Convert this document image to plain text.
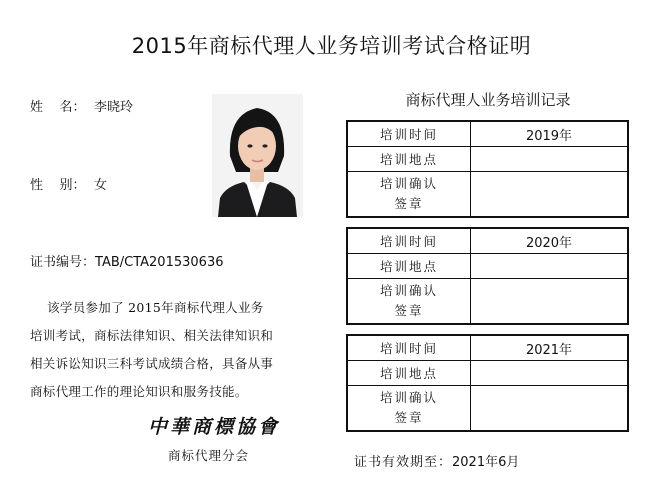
2015年商标代理人业务培训考试合格证明
姓    名： 李晓玲
性    别： 女
证书编号：TAB/CTA201530636
该学员参加了 2015年商标代理人业务
培训考试，商标法律知识、相关法律知识和
相关诉讼知识三科考试成绩合格，具备从事
商标代理工作的理论知识和服务技能。
中華商標協會
商标代理分会
商标代理人业务培训记录
培训时间	2019年
培训地点	
培训确认
签章	
培训时间	2020年
培训地点	
培训确认
签章	
培训时间	2021年
培训地点	
培训确认
签章	
证书有效期至：2021年6月
